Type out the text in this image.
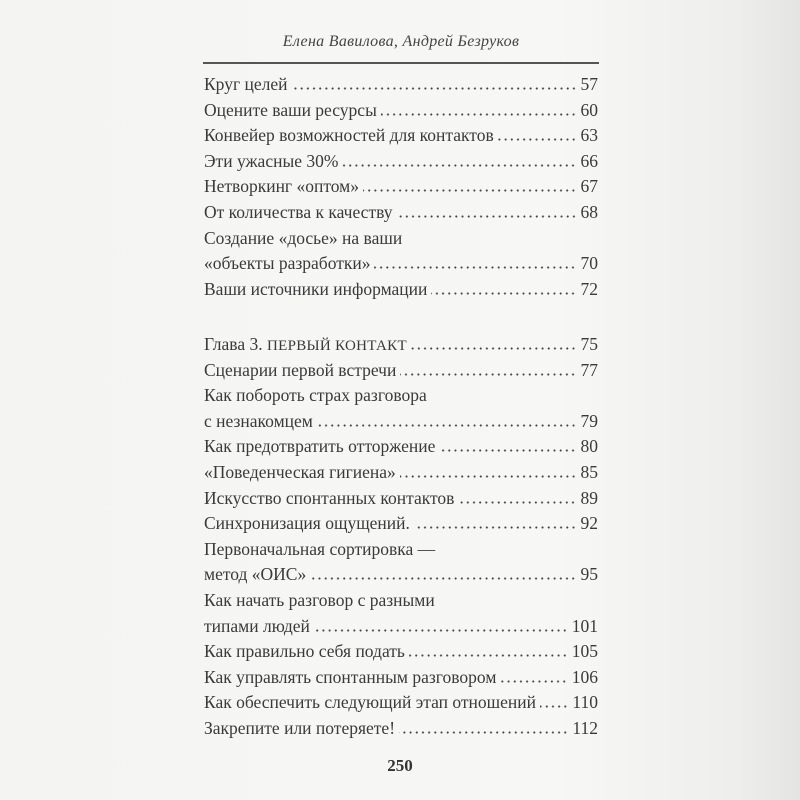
Елена Вавилова, Андрей Безруков
Круг целей	57
Оцените ваши ресурсы	60
Конвейер возможностей для контактов	63
Эти ужасные 30%	66
Нетворкинг «оптом»	67
От количества к качеству	68
Создание «досье» на ваши
«объекты разработки»	70
Ваши источники информации	72
Глава 3. ПЕРВЫЙ КОНТАКТ	75
Сценарии первой встречи	77
Как побороть страх разговора
с незнакомцем	79
Как предотвратить отторжение	80
«Поведенческая гигиена»	85
Искусство спонтанных контактов	89
Синхронизация ощущений.	92
Первоначальная сортировка —
метод «ОИС»	95
Как начать разговор с разными
типами людей	101
Как правильно себя подать	105
Как управлять спонтанным разговором	106
Как обеспечить следующий этап отношений 110
Закрепите или потеряете!	112
250
